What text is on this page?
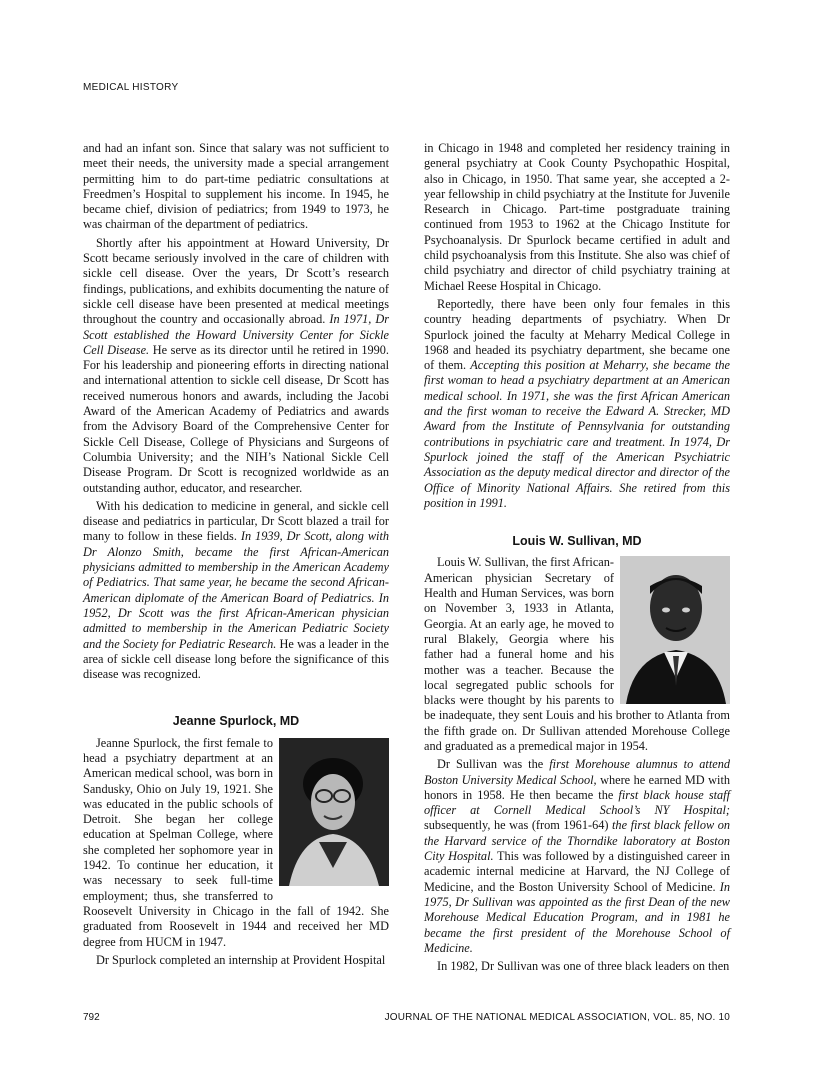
MEDICAL HISTORY

and had an infant son. Since that salary was not sufficient to meet their needs, the university made a special arrangement permitting him to do part-time pediatric consultations at Freedmen’s Hospital to supplement his income. In 1945, he became chief, division of pediatrics; from 1949 to 1973, he was chairman of the department of pediatrics.

Shortly after his appointment at Howard University, Dr Scott became seriously involved in the care of children with sickle cell disease. Over the years, Dr Scott’s research findings, publications, and exhibits documenting the nature of sickle cell disease have been presented at medical meetings throughout the country and occasionally abroad. In 1971, Dr Scott established the Howard University Center for Sickle Cell Disease. He serve as its director until he retired in 1990. For his leadership and pioneering efforts in directing national and international attention to sickle cell disease, Dr Scott has received numerous honors and awards, including the Jacobi Award of the American Academy of Pediatrics and awards from the Advisory Board of the Comprehensive Center for Sickle Cell Disease, College of Physicians and Surgeons of Columbia University; and the NIH’s National Sickle Cell Disease Program. Dr Scott is recognized worldwide as an outstanding author, educator, and researcher.

With his dedication to medicine in general, and sickle cell disease and pediatrics in particular, Dr Scott blazed a trail for many to follow in these fields. In 1939, Dr Scott, along with Dr Alonzo Smith, became the first African-American physicians admitted to membership in the American Academy of Pediatrics. That same year, he became the second African-American diplomate of the American Board of Pediatrics. In 1952, Dr Scott was the first African-American physician admitted to membership in the American Pediatric Society and the Society for Pediatric Research. He was a leader in the area of sickle cell disease long before the significance of this disease was recognized.

Jeanne Spurlock, MD

Jeanne Spurlock, the first female to head a psychiatry department at an American medical school, was born in Sandusky, Ohio on July 19, 1921. She was educated in the public schools of Detroit. She began her college education at Spelman College, where she completed her sophomore year in 1942. To continue her education, it was necessary to seek full-time employment; thus, she transferred to Roosevelt University in Chicago in the fall of 1942. She graduated from Roosevelt in 1944 and received her MD degree from HUCM in 1947.

Dr Spurlock completed an internship at Provident Hospital

in Chicago in 1948 and completed her residency training in general psychiatry at Cook County Psychopathic Hospital, also in Chicago, in 1950. That same year, she accepted a 2-year fellowship in child psychiatry at the Institute for Juvenile Research in Chicago. Part-time postgraduate training continued from 1953 to 1962 at the Chicago Institute for Psychoanalysis. Dr Spurlock became certified in adult and child psychoanalysis from this Institute. She also was chief of child psychiatry and director of child psychiatry training at Michael Reese Hospital in Chicago.

Reportedly, there have been only four females in this country heading departments of psychiatry. When Dr Spurlock joined the faculty at Meharry Medical College in 1968 and headed its psychiatry department, she became one of them. Accepting this position at Meharry, she became the first woman to head a psychiatry department at an American medical school. In 1971, she was the first African American and the first woman to receive the Edward A. Strecker, MD Award from the Institute of Pennsylvania for outstanding contributions in psychiatric care and treatment. In 1974, Dr Spurlock joined the staff of the American Psychiatric Association as the deputy medical director and director of the Office of Minority National Affairs. She retired from this position in 1991.

Louis W. Sullivan, MD

Louis W. Sullivan, the first African-American physician Secretary of Health and Human Services, was born on November 3, 1933 in Atlanta, Georgia. At an early age, he moved to rural Blakely, Georgia where his father had a funeral home and his mother was a teacher. Because the local segregated public schools for blacks were thought by his parents to be inadequate, they sent Louis and his brother to Atlanta from the fifth grade on. Dr Sullivan attended Morehouse College and graduated as a premedical major in 1954.

Dr Sullivan was the first Morehouse alumnus to attend Boston University Medical School, where he earned MD with honors in 1958. He then became the first black house staff officer at Cornell Medical School’s NY Hospital; subsequently, he was (from 1961-64) the first black fellow on the Harvard service of the Thorndike laboratory at Boston City Hospital. This was followed by a distinguished career in academic internal medicine at Harvard, the NJ College of Medicine, and the Boston University School of Medicine. In 1975, Dr Sullivan was appointed as the first Dean of the new Morehouse Medical Education Program, and in 1981 he became the first president of the Morehouse School of Medicine.

In 1982, Dr Sullivan was one of three black leaders on then

792	JOURNAL OF THE NATIONAL MEDICAL ASSOCIATION, VOL. 85, NO. 10
